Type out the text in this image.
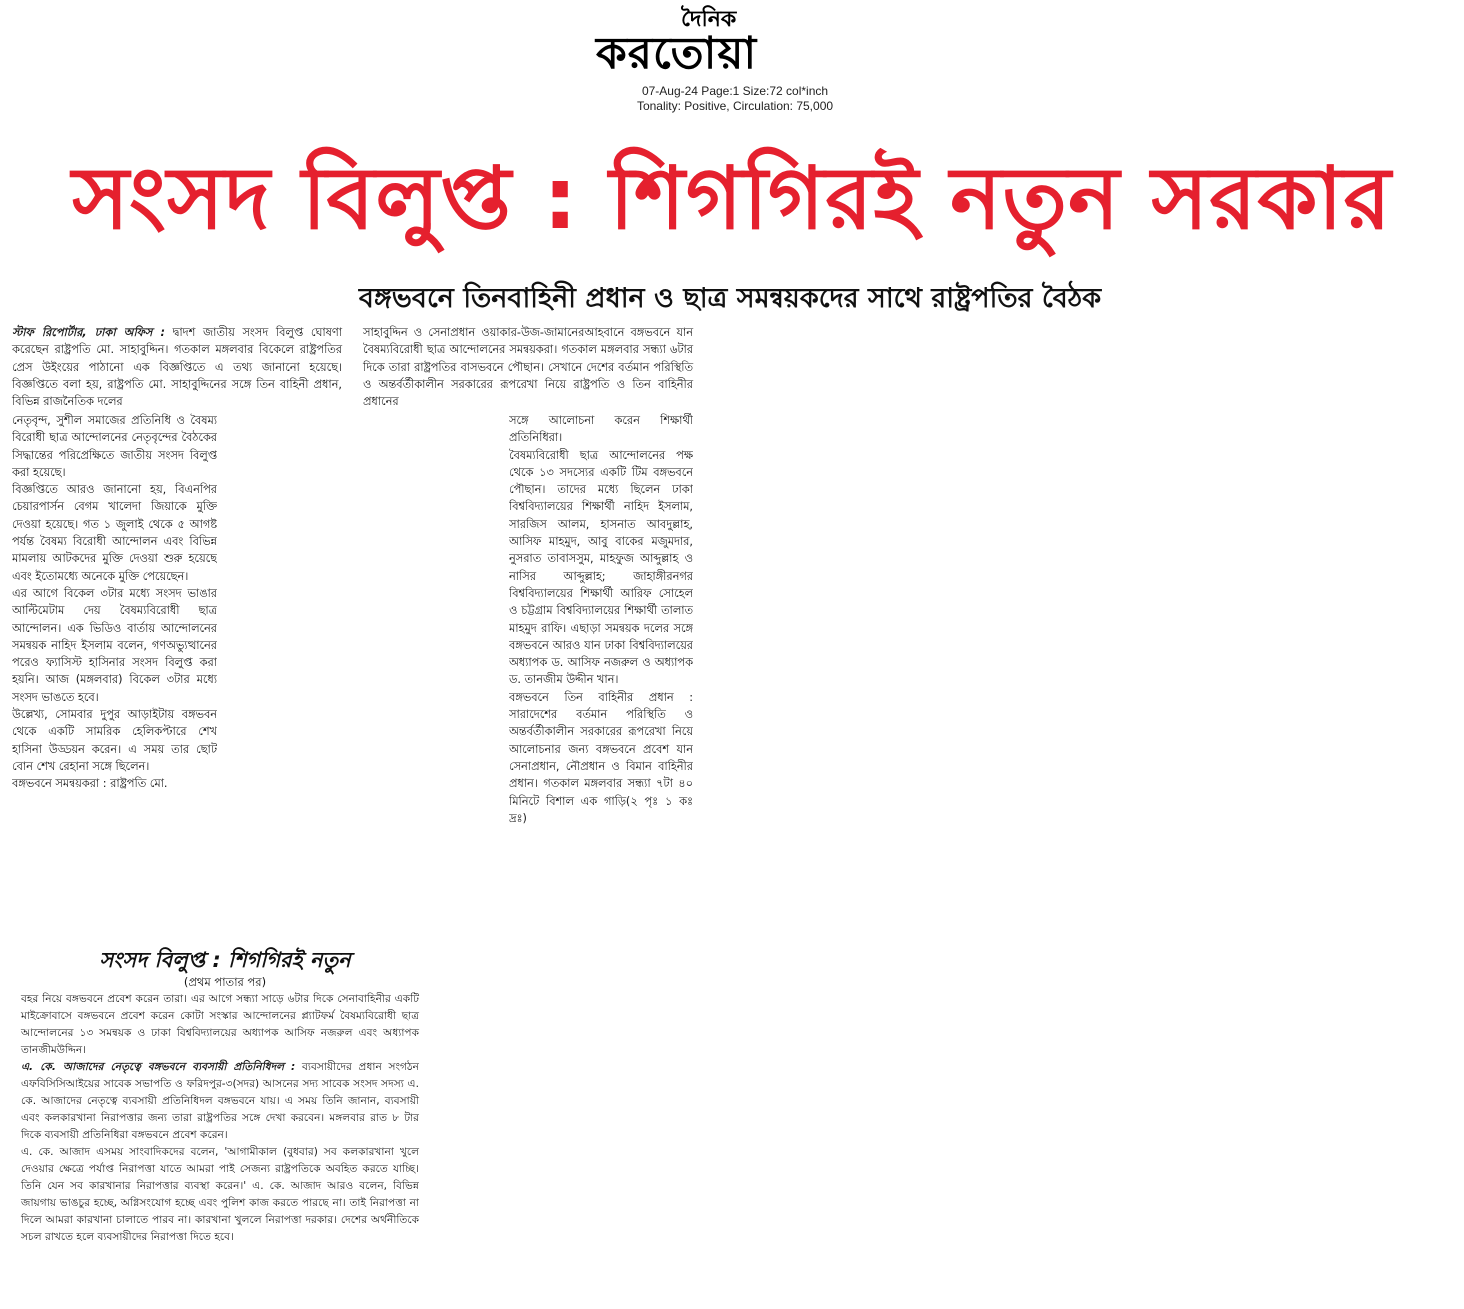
দৈনিক
করতোয়া
07-Aug-24 Page:1 Size:72 col*inch
Tonality: Positive, Circulation: 75,000
সংসদ বিলুপ্ত : শিগগিরই নতুন সরকার
বঙ্গভবনে তিনবাহিনী প্রধান ও ছাত্র সমন্বয়কদের সাথে রাষ্ট্রপতির বৈঠক
স্টাফ রিপোর্টার, ঢাকা অফিস : দ্বাদশ জাতীয় সংসদ বিলুপ্ত ঘোষণা করেছেন রাষ্ট্রপতি মো. সাহাবুদ্দিন। গতকাল মঙ্গলবার বিকেলে রাষ্ট্রপতির প্রেস উইংয়ের পাঠানো এক বিজ্ঞপ্তিতে এ তথ্য জানানো হয়েছে। বিজ্ঞপ্তিতে বলা হয়, রাষ্ট্রপতি মো. সাহাবুদ্দিনের সঙ্গে তিন বাহিনী প্রধান, বিভিন্ন রাজনৈতিক দলের

নেতৃবৃন্দ, সুশীল সমাজের প্রতিনিধি ও বৈষম্য বিরোধী ছাত্র আন্দোলনের নেতৃবৃন্দের বৈঠকের সিদ্ধান্তের পরিপ্রেক্ষিতে জাতীয় সংসদ বিলুপ্ত করা হয়েছে।

বিজ্ঞপ্তিতে আরও জানানো হয়, বিএনপির চেয়ারপার্সন বেগম খালেদা জিয়াকে মুক্তি দেওয়া হয়েছে। গত ১ জুলাই থেকে ৫ আগষ্ট পর্যন্ত বৈষম্য বিরোধী আন্দোলন এবং বিভিন্ন মামলায় আটকদের মুক্তি দেওয়া শুরু হয়েছে এবং ইতোমধ্যে অনেকে মুক্তি পেয়েছেন।

এর আগে বিকেল ৩টার মধ্যে সংসদ ভাঙার আল্টিমেটাম দেয় বৈষম্যবিরোধী ছাত্র আন্দোলন। এক ভিডিও বার্তায় আন্দোলনের সমন্বয়ক নাহিদ ইসলাম বলেন, গণঅভ্যুত্থানের পরেও ফ্যাসিস্ট হাসিনার সংসদ বিলুপ্ত করা হয়নি। আজ (মঙ্গলবার) বিকেল ৩টার মধ্যে সংসদ ভাঙতে হবে।

উল্লেখ্য, সোমবার দুপুর আড়াইটায় বঙ্গভবন থেকে একটি সামরিক হেলিকপ্টারে শেখ হাসিনা উড্ডয়ন করেন। এ সময় তার ছোট বোন শেখ রেহানা সঙ্গে ছিলেন।

বঙ্গভবনে সমন্বয়করা : রাষ্ট্রপতি মো.

সাহাবুদ্দিন ও সেনাপ্রধান ওয়াকার-উজ-জামানেরআহবানে বঙ্গভবনে যান বৈষম্যবিরোধী ছাত্র আন্দোলনের সমন্বয়করা। গতকাল মঙ্গলবার সন্ধ্যা ৬টার দিকে তারা রাষ্ট্রপতির বাসভবনে পৌছান। সেখানে দেশের বর্তমান পরিস্থিতি ও অন্তর্বর্তীকালীন সরকারের রূপরেখা নিয়ে রাষ্ট্রপতি ও তিন বাহিনীর প্রধানের

সঙ্গে আলোচনা করেন শিক্ষার্থী প্রতিনিধিরা।

বৈষম্যবিরোধী ছাত্র আন্দোলনের পক্ষ থেকে ১৩ সদস্যের একটি টিম বঙ্গভবনে পৌছান। তাদের মধ্যে ছিলেন ঢাকা বিশ্ববিদ্যালয়ের শিক্ষার্থী নাহিদ ইসলাম, সারজিস আলম, হাসনাত আবদুল্লাহ, আসিফ মাহমুদ, আবু বাকের মজুমদার, নুসরাত তাবাসসুম, মাহফুজ আব্দুল্লাহ ও নাসির আব্দুল্লাহ; জাহাঙ্গীরনগর বিশ্ববিদ্যালয়ের শিক্ষার্থী আরিফ সোহেল ও চট্টগ্রাম বিশ্ববিদ্যালয়ের শিক্ষার্থী তালাত মাহমুদ রাফি। এছাড়া সমন্বয়ক দলের সঙ্গে বঙ্গভবনে আরও যান ঢাকা বিশ্ববিদ্যালয়ের অধ্যাপক ড. আসিফ নজরুল ও অধ্যাপক ড. তানজীম উদ্দীন খান।

বঙ্গভবনে তিন বাহিনীর প্রধান : সারাদেশের বর্তমান পরিস্থিতি ও অন্তর্বর্তীকালীন সরকারের রূপরেখা নিয়ে আলোচনার জন্য বঙ্গভবনে প্রবেশ যান সেনাপ্রধান, নৌপ্রধান ও বিমান বাহিনীর প্রধান। গতকাল মঙ্গলবার সন্ধ্যা ৭টা ৪০ মিনিটে বিশাল এক গাড়ি(২ পৃঃ ১ কঃ দ্রঃ)

সংসদ বিলুপ্ত : শিগগিরই নতুন
(প্রথম পাতার পর)

বহর নিয়ে বঙ্গভবনে প্রবেশ করেন তারা। এর আগে সন্ধ্যা সাড়ে ৬টার দিকে সেনাবাহিনীর একটি মাইক্রোবাসে বঙ্গভবনে প্রবেশ করেন কোটা সংস্কার আন্দোলনের প্ল্যাটফর্ম বৈষম্যবিরোধী ছাত্র আন্দোলনের ১৩ সমন্বয়ক ও ঢাকা বিশ্ববিদ্যালয়ের অধ্যাপক আসিফ নজরুল এবং অধ্যাপক তানজীমউদ্দিন।

এ. কে. আজাদের নেতৃত্বে বঙ্গভবনে ব্যবসায়ী প্রতিনিধিদল : ব্যবসায়ীদের প্রধান সংগঠন এফবিসিসিআইয়ের সাবেক সভাপতি ও ফরিদপুর-৩(সদর) আসনের সদ্য সাবেক সংসদ সদস্য এ. কে. আজাদের নেতৃত্বে ব্যবসায়ী প্রতিনিধিদল বঙ্গভবনে যায়। এ সময় তিনি জানান, ব্যবসায়ী এবং কলকারখানা নিরাপত্তার জন্য তারা রাষ্ট্রপতির সঙ্গে দেখা করবেন। মঙ্গলবার রাত ৮ টার দিকে ব্যবসায়ী প্রতিনিধিরা বঙ্গভবনে প্রবেশ করেন।

এ. কে. আজাদ এসময় সাংবাদিকদের বলেন, 'আগামীকাল (বুধবার) সব কলকারখানা খুলে দেওয়ার ক্ষেত্রে পর্যাপ্ত নিরাপত্তা যাতে আমরা পাই সেজন্য রাষ্ট্রপতিকে অবহিত করতে যাচ্ছি। তিনি যেন সব কারখানার নিরাপত্তার ব্যবস্থা করেন।' এ. কে. আজাদ আরও বলেন, বিভিন্ন জায়গায় ভাঙচুর হচ্ছে, অগ্নিসংযোগ হচ্ছে এবং পুলিশ কাজ করতে পারছে না। তাই নিরাপত্তা না দিলে আমরা কারখানা চালাতে পারব না। কারখানা খুললে নিরাপত্তা দরকার। দেশের অর্থনীতিকে সচল রাখতে হলে ব্যবসায়ীদের নিরাপত্তা দিতে হবে।
